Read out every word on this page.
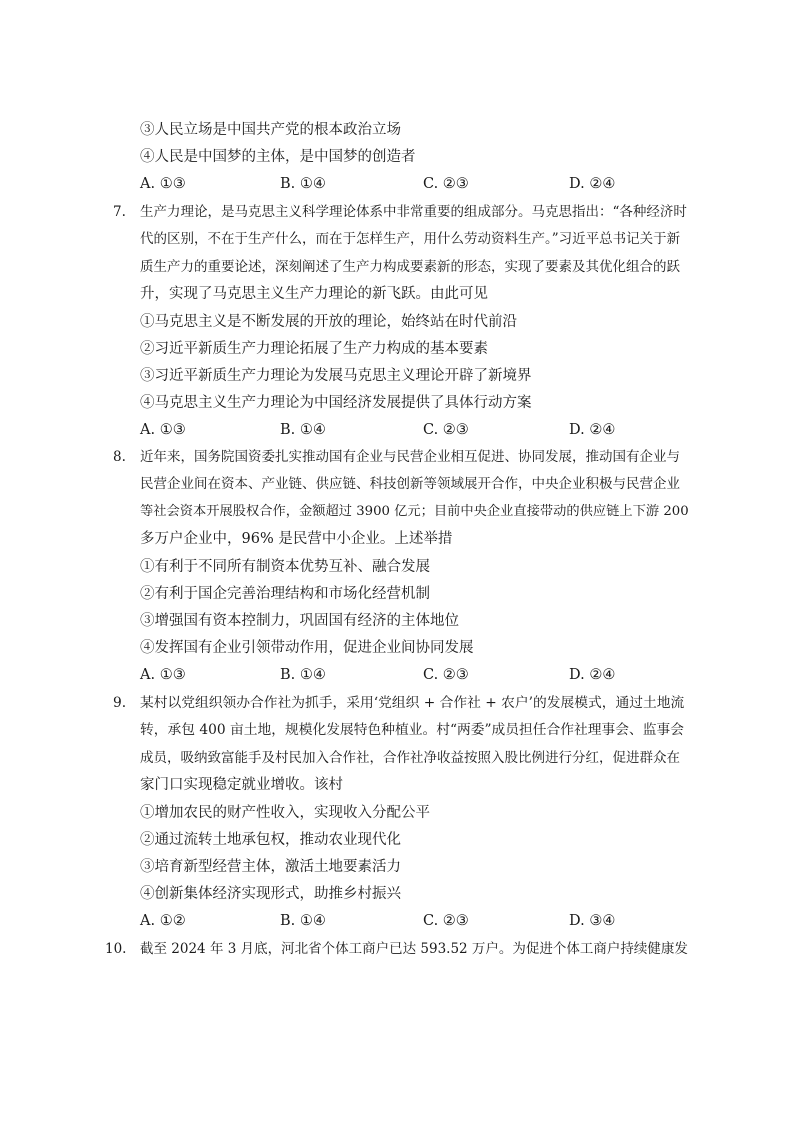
③人民立场是中国共产党的根本政治立场
④人民是中国梦的主体，是中国梦的创造者
A. ①③	B. ①④	C. ②③	D. ②④
7. 生产力理论，是马克思主义科学理论体系中非常重要的组成部分。马克思指出：“各种经济时
代的区别，不在于生产什么，而在于怎样生产，用什么劳动资料生产。”习近平总书记关于新
质生产力的重要论述，深刻阐述了生产力构成要素新的形态，实现了要素及其优化组合的跃
升，实现了马克思主义生产力理论的新飞跃。由此可见
①马克思主义是不断发展的开放的理论，始终站在时代前沿
②习近平新质生产力理论拓展了生产力构成的基本要素
③习近平新质生产力理论为发展马克思主义理论开辟了新境界
④马克思主义生产力理论为中国经济发展提供了具体行动方案
A. ①③	B. ①④	C. ②③	D. ②④
8. 近年来，国务院国资委扎实推动国有企业与民营企业相互促进、协同发展，推动国有企业与
民营企业间在资本、产业链、供应链、科技创新等领域展开合作，中央企业积极与民营企业
等社会资本开展股权合作，金额超过 3900 亿元；目前中央企业直接带动的供应链上下游 200
多万户企业中，96% 是民营中小企业。上述举措
①有利于不同所有制资本优势互补、融合发展
②有利于国企完善治理结构和市场化经营机制
③增强国有资本控制力，巩固国有经济的主体地位
④发挥国有企业引领带动作用，促进企业间协同发展
A. ①③	B. ①④	C. ②③	D. ②④
9. 某村以党组织领办合作社为抓手，采用‘党组织 + 合作社 + 农户’的发展模式，通过土地流
转，承包 400 亩土地，规模化发展特色种植业。村“两委”成员担任合作社理事会、监事会
成员，吸纳致富能手及村民加入合作社，合作社净收益按照入股比例进行分红，促进群众在
家门口实现稳定就业增收。该村
①增加农民的财产性收入，实现收入分配公平
②通过流转土地承包权，推动农业现代化
③培育新型经营主体，激活土地要素活力
④创新集体经济实现形式，助推乡村振兴
A. ①②	B. ①④	C. ②③	D. ③④
10. 截至 2024 年 3 月底，河北省个体工商户已达 593.52 万户。为促进个体工商户持续健康发
